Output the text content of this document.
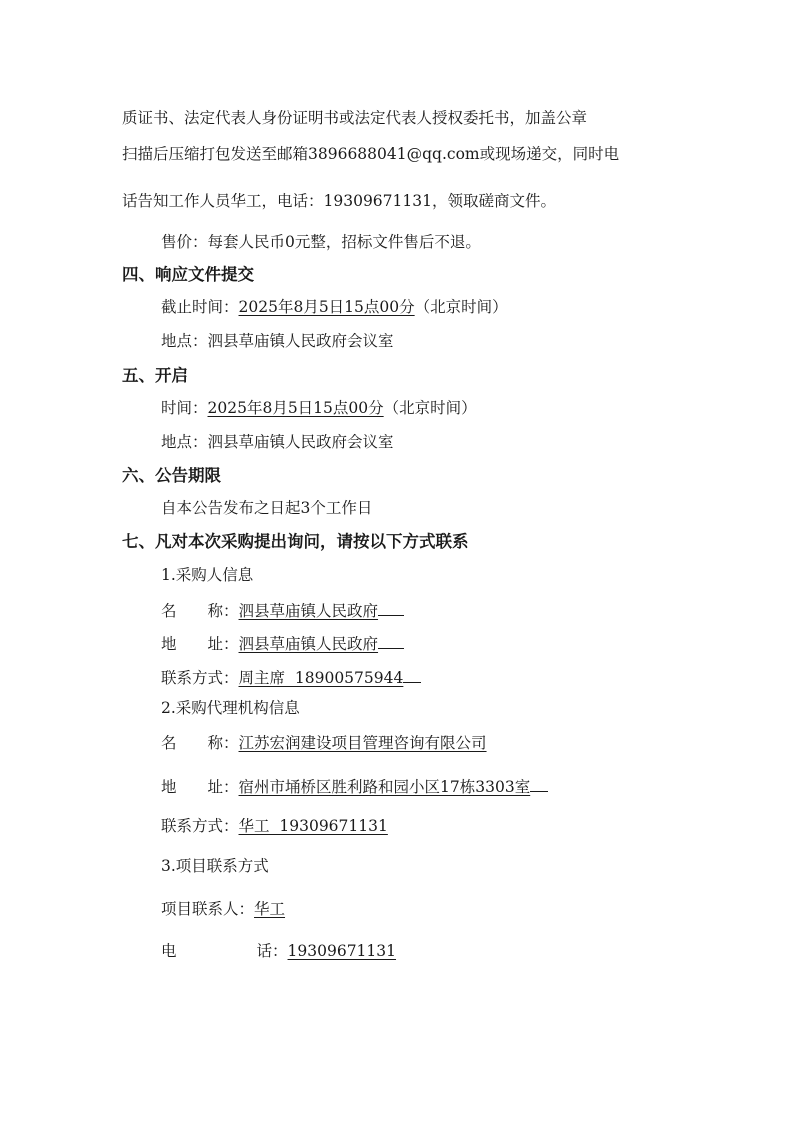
质证书、法定代表人身份证明书或法定代表人授权委托书，加盖公章
扫描后压缩打包发送至邮箱3896688041@qq.com或现场递交，同时电
话告知工作人员华工，电话：19309671131，领取磋商文件。
售价：每套人民币0元整，招标文件售后不退。
四、响应文件提交
截止时间：2025年8月5日15点00分（北京时间）
地点：泗县草庙镇人民政府会议室
五、开启
时间：2025年8月5日15点00分（北京时间）
地点：泗县草庙镇人民政府会议室
六、公告期限
自本公告发布之日起3个工作日
七、凡对本次采购提出询问，请按以下方式联系
1.采购人信息
名 称：泗县草庙镇人民政府
地 址：泗县草庙镇人民政府
联系方式：周主席  18900575944
2.采购代理机构信息
名 称：江苏宏润建设项目管理咨询有限公司
地 址：宿州市埇桥区胜利路和园小区17栋3303室
联系方式：华工  19309671131
3.项目联系方式
项目联系人：华工
电	话：19309671131
